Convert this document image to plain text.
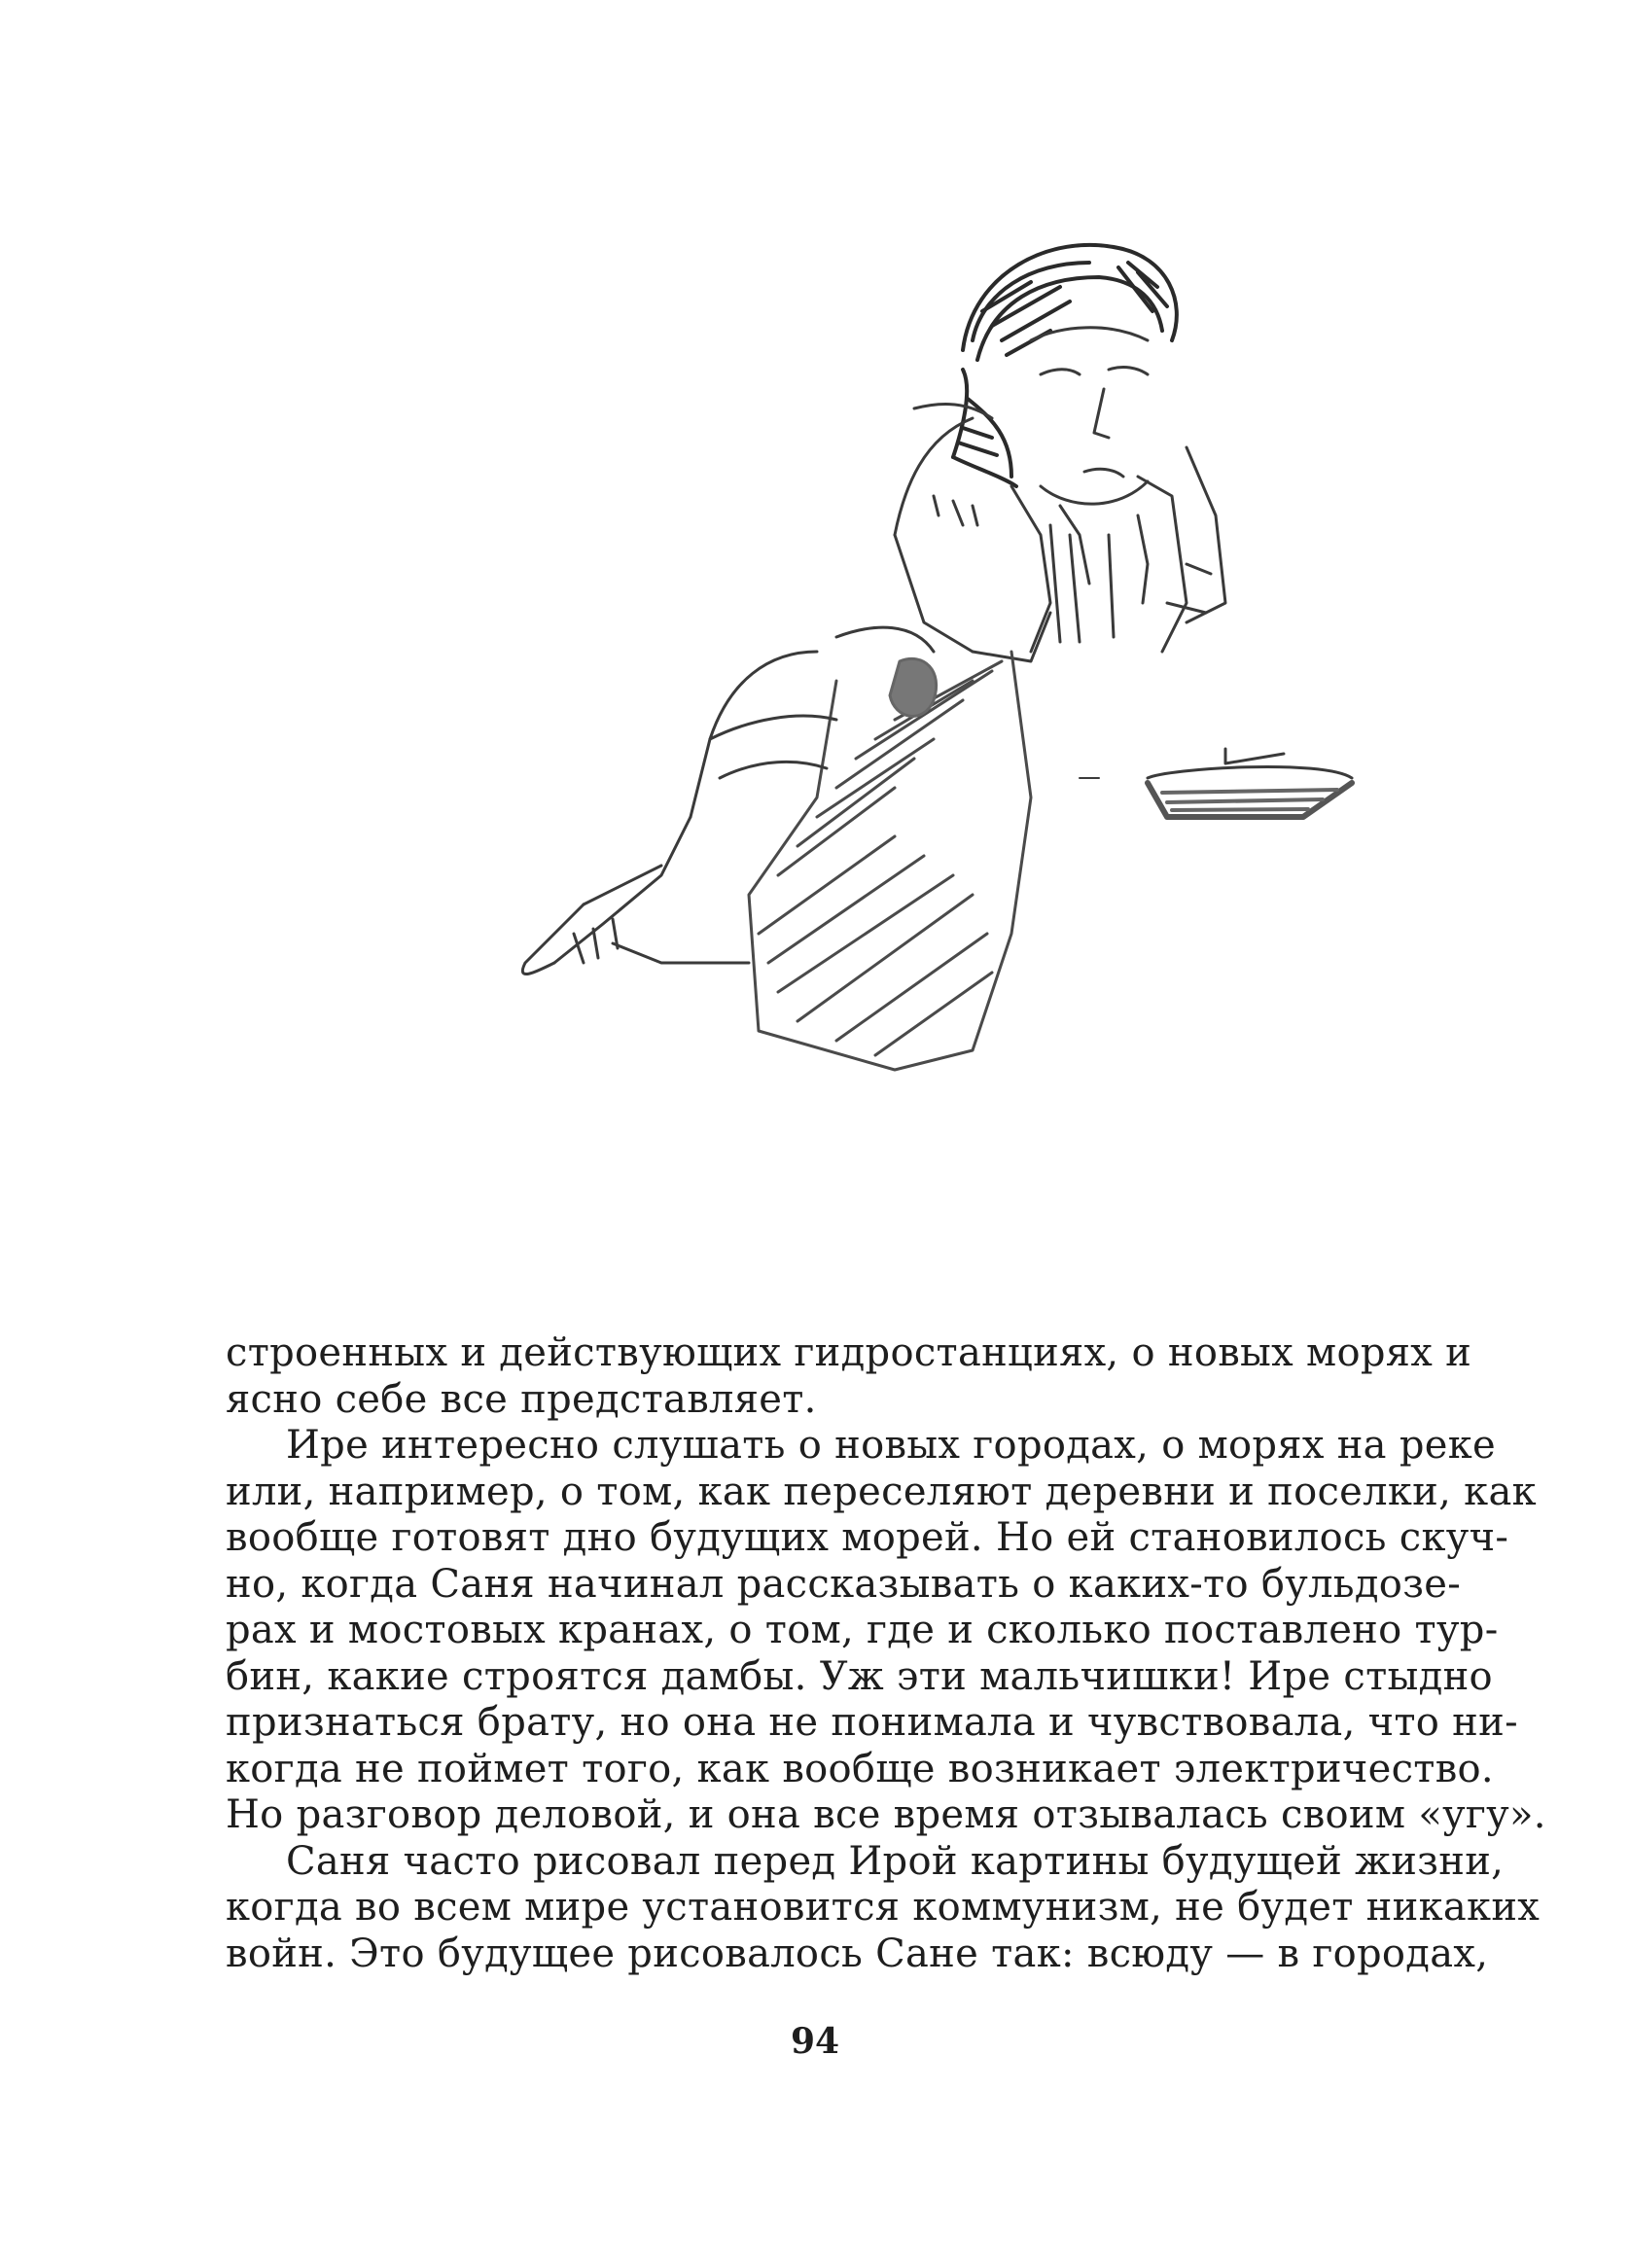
строенных и действующих гидростанциях, о новых морях и
ясно себе все представляет.
Ире интересно слушать о новых городах, о морях на реке
или, например, о том, как переселяют деревни и поселки, как
вообще готовят дно будущих морей. Но ей становилось скуч-
но, когда Саня начинал рассказывать о каких-то бульдозе-
рах и мостовых кранах, о том, где и сколько поставлено тур-
бин, какие строятся дамбы. Уж эти мальчишки! Ире стыдно
признаться брату, но она не понимала и чувствовала, что ни-
когда не поймет того, как вообще возникает электричество.
Но разговор деловой, и она все время отзывалась своим «угу».
Саня часто рисовал перед Ирой картины будущей жизни,
когда во всем мире установится коммунизм, не будет никаких
войн. Это будущее рисовалось Сане так: всюду — в городах,
94
